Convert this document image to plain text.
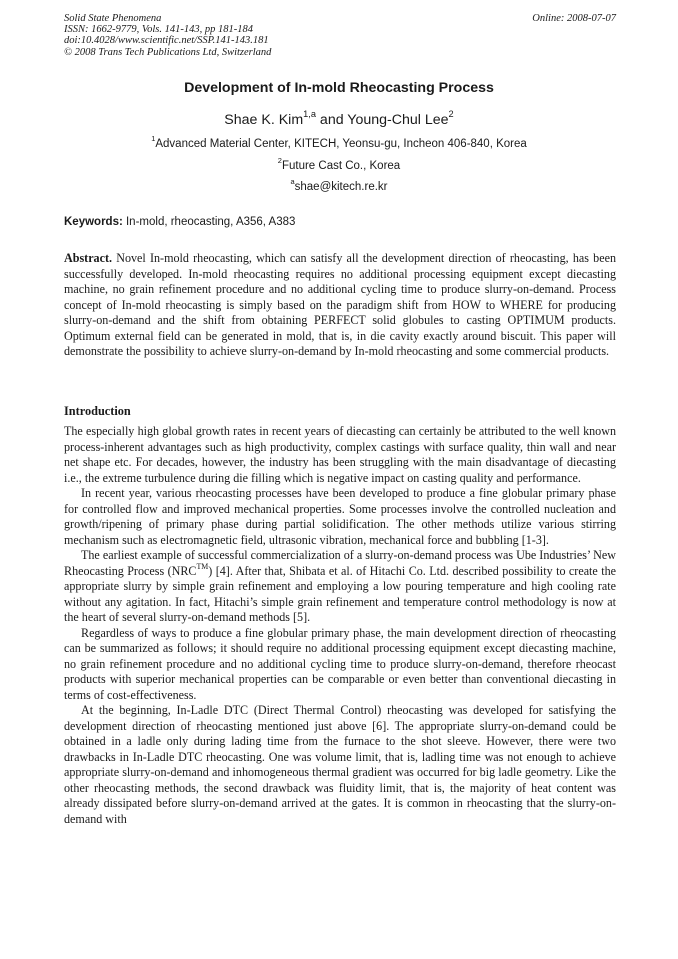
Solid State Phenomena
ISSN: 1662-9779, Vols. 141-143, pp 181-184
doi:10.4028/www.scientific.net/SSP.141-143.181
© 2008 Trans Tech Publications Ltd, Switzerland
Online: 2008-07-07
Development of In-mold Rheocasting Process
Shae K. Kim$^{1,a}$ and Young-Chul Lee$^2$
$^1$Advanced Material Center, KITECH, Yeonsu-gu, Incheon 406-840, Korea
$^2$Future Cast Co., Korea
$^a$shae@kitech.re.kr
Keywords: In-mold, rheocasting, A356, A383
Abstract. Novel In-mold rheocasting, which can satisfy all the development direction of rheocasting, has been successfully developed. In-mold rheocasting requires no additional processing equipment except diecasting machine, no grain refinement procedure and no additional cycling time to produce slurry-on-demand. Process concept of In-mold rheocasting is simply based on the paradigm shift from HOW to WHERE for producing slurry-on-demand and the shift from obtaining PERFECT solid globules to casting OPTIMUM products. Optimum external field can be generated in mold, that is, in die cavity exactly around biscuit. This paper will demonstrate the possibility to achieve slurry-on-demand by In-mold rheocasting and some commercial products.
Introduction

The especially high global growth rates in recent years of diecasting can certainly be attributed to the well known process-inherent advantages such as high productivity, complex castings with surface quality, thin wall and near net shape etc. For decades, however, the industry has been struggling with the main disadvantage of diecasting i.e., the extreme turbulence during die filling which is negative impact on casting quality and performance.

In recent year, various rheocasting processes have been developed to produce a fine globular primary phase for controlled flow and improved mechanical properties. Some processes involve the controlled nucleation and growth/ripening of primary phase during partial solidification. The other methods utilize various stirring mechanism such as electromagnetic field, ultrasonic vibration, mechanical force and bubbling [1-3].

The earliest example of successful commercialization of a slurry-on-demand process was Ube Industries’ New Rheocasting Process (NRC™) [4]. After that, Shibata et al. of Hitachi Co. Ltd. described possibility to create the appropriate slurry by simple grain refinement and employing a low pouring temperature and high cooling rate without any agitation. In fact, Hitachi’s simple grain refinement and temperature control methodology is now at the heart of several slurry-on-demand methods [5].

Regardless of ways to produce a fine globular primary phase, the main development direction of rheocasting can be summarized as follows; it should require no additional processing equipment except diecasting machine, no grain refinement procedure and no additional cycling time to produce slurry-on-demand, therefore rheocast products with superior mechanical properties can be comparable or even better than conventional diecasting in terms of cost-effectiveness.

At the beginning, In-Ladle DTC (Direct Thermal Control) rheocasting was developed for satisfying the development direction of rheocasting mentioned just above [6]. The appropriate slurry-on-demand could be obtained in a ladle only during lading time from the furnace to the shot sleeve. However, there were two drawbacks in In-Ladle DTC rheocasting. One was volume limit, that is, ladling time was not enough to achieve appropriate slurry-on-demand and inhomogeneous thermal gradient was occurred for big ladle geometry. Like the other rheocasting methods, the second drawback was fluidity limit, that is, the majority of heat content was already dissipated before slurry-on-demand arrived at the gates. It is common in rheocasting that the slurry-on-demand with
